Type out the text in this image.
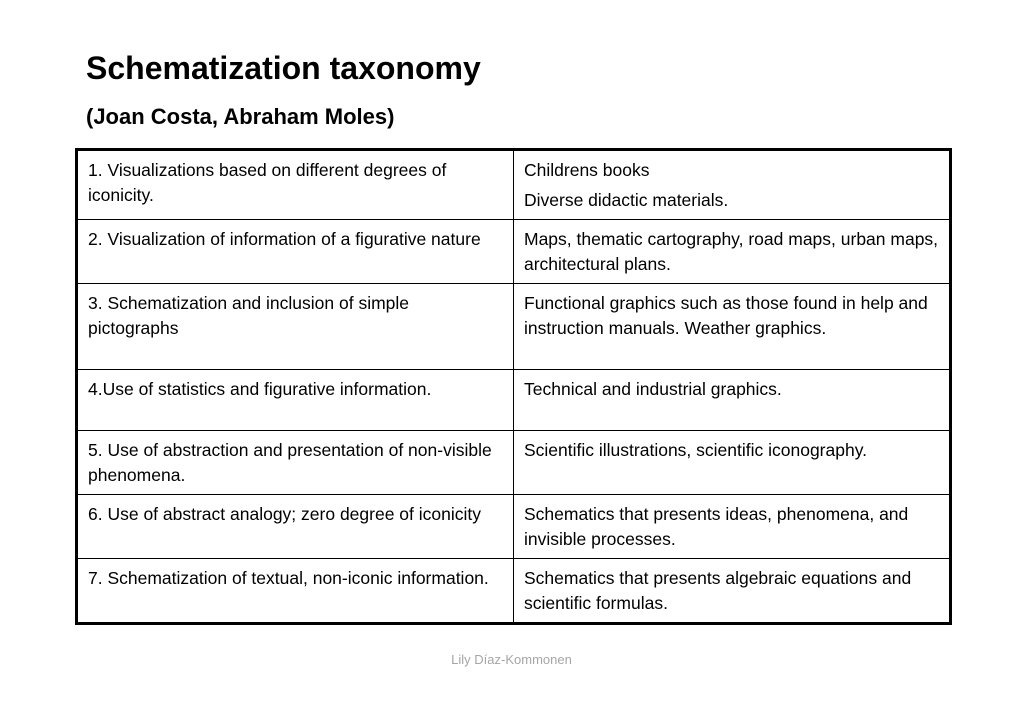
Schematization taxonomy
(Joan Costa, Abraham Moles)
1. Visualizations based on different degrees of iconicity.	Childrens books
Diverse didactic materials.

2. Visualization of information of a figurative nature	Maps, thematic cartography, road maps, urban maps, architectural plans.

3. Schematization and inclusion of simple pictographs	Functional graphics such as those found in help and instruction manuals. Weather graphics.

4.Use of statistics and figurative information.	Technical and industrial graphics.

5. Use of abstraction and presentation of non-visible phenomena.	Scientific illustrations, scientific iconography.

6. Use of abstract analogy; zero degree of iconicity	Schematics that presents ideas, phenomena, and invisible processes.

7. Schematization of textual, non-iconic information.	Schematics that presents algebraic equations and scientific formulas.
Lily Díaz-Kommonen
